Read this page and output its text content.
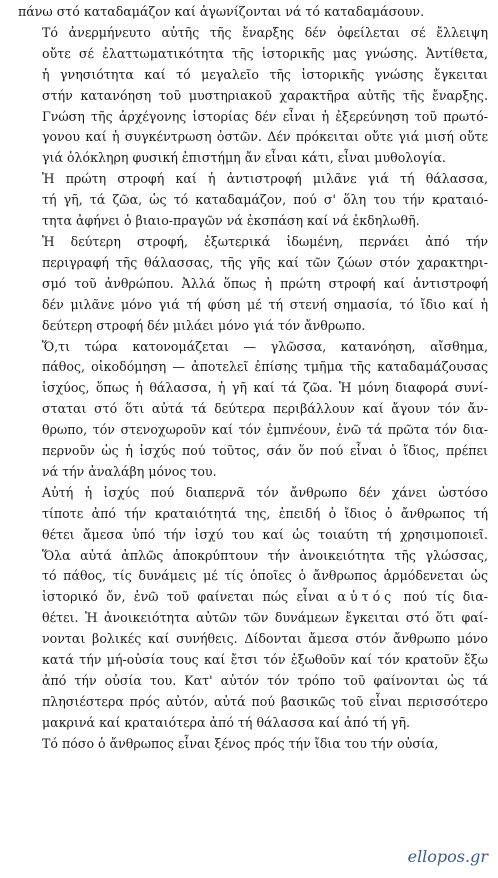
πάνω στό καταδαμάζον καί ἀγωνίζονται νά τό καταδαμάσουν.

Τό ἀνερμήνευτο αὐτῆς τῆς ἔναρξης δέν ὀφείλεται σέ ἔλλειψη
οὔτε σέ ἐλαττωματικότητα τῆς ἱστορικῆς μας γνώσης. Ἀντίθετα,
ἡ γνησιότητα καί τό μεγαλεῖο τῆς ἱστορικῆς γνώσης ἔγκειται
στήν κατανόηση τοῦ μυστηριακοῦ χαρακτῆρα αὐτῆς τῆς ἔναρξης.
Γνώση τῆς ἀρχέγονης ἱστορίας δέν εἶναι ἡ ἐξερεύνηση τοῦ πρωτό-
γονου καί ἡ συγκέντρωση ὀστῶν. Δέν πρόκειται οὔτε γιά μισή οὔτε
γιά ὁλόκληρη φυσική ἐπιστήμη ἄν εἶναι κάτι, εἶναι μυθολογία.

Ἡ πρώτη στροφή καί ἡ ἀντιστροφή μιλᾶνε γιά τή θάλασσα,
τή γῆ, τά ζῶα, ὡς τό καταδαμάζον, πού σ' ὅλη του τήν κραταιό-
τητα ἀφήνει ὁ βιαιο-πραγῶν νά ἐκσπάση καί νά ἐκδηλωθῆ.

Ἡ δεύτερη στροφή, ἐξωτερικά ἰδωμένη, περνάει ἀπό τήν
περιγραφή τῆς θάλασσας, τῆς γῆς καί τῶν ζώων στόν χαρακτηρι-
σμό τοῦ ἀνθρώπου. Ἀλλά ὅπως ἡ πρώτη στροφή καί ἀντιστροφή
δέν μιλᾶνε μόνο γιά τή φύση μέ τή στενή σημασία, τό ἴδιο καί ἡ
δεύτερη στροφή δέν μιλάει μόνο γιά τόν ἄνθρωπο.

Ὅ,τι τώρα κατονομάζεται — γλῶσσα, κατανόηση, αἴσθημα,
πάθος, οἰκοδόμηση — ἀποτελεῖ ἐπίσης τμῆμα τῆς καταδαμάζουσας
ἰσχύος, ὅπως ἡ θάλασσα, ἡ γῆ καί τά ζῶα. Ἡ μόνη διαφορά συνί-
σταται στό ὅτι αὐτά τά δεύτερα περιβάλλουν καί ἄγουν τόν ἄν-
θρωπο, τόν στενοχωροῦν καί τόν ἐμπνέουν, ἐνῶ τά πρῶτα τόν δια-
περνοῦν ὡς ἡ ἰσχύς πού τοῦτος, σάν ὅν πού εἶναι ὁ ἴδιος, πρέπει
νά τήν ἀναλάβη μόνος του.

Αὐτή ἡ ἰσχύς πού διαπερνᾶ τόν ἄνθρωπο δέν χάνει ὡστόσο
τίποτε ἀπό τήν κραταιότητά της, ἐπειδή ὁ ἴδιος ὁ ἄνθρωπος τή
θέτει ἄμεσα ὑπό τήν ἰσχύ του καί ὡς τοιαύτη τή χρησιμοποιεῖ.
Ὅλα αὐτά ἁπλῶς ἀποκρύπτουν τήν ἀνοικειότητα τῆς γλώσσας,
τό πάθος, τίς δυνάμεις μέ τίς ὁποῖες ὁ ἄνθρωπος ἁρμόδενεται ὡς
ἱστορικό ὄν, ἐνῶ τοῦ φαίνεται πώς εἶναι αὐτός πού τίς δια-
θέτει. Ἡ ἀνοικειότητα αὐτῶν τῶν δυνάμεων ἔγκειται στό ὅτι φαί-
νονται βολικές καί συνήθεις. Δίδονται ἄμεσα στόν ἄνθρωπο μόνο
κατά τήν μή-οὐσία τους καί ἔτσι τόν ἐξωθοῦν καί τόν κρατοῦν ἔξω
ἀπό τήν οὐσία του. Κατ' αὐτόν τόν τρόπο τοῦ φαίνονται ὡς τά
πλησιέστερα πρός αὐτόν, αὐτά πού βασικῶς τοῦ εἶναι περισσότερο
μακρινά καί κραταιότερα ἀπό τή θάλασσα καί ἀπό τή γῆ.

Τό πόσο ὁ ἄνθρωπος εἶναι ξένος πρός τήν ἴδια του τήν οὐσία,

ellopos.gr
